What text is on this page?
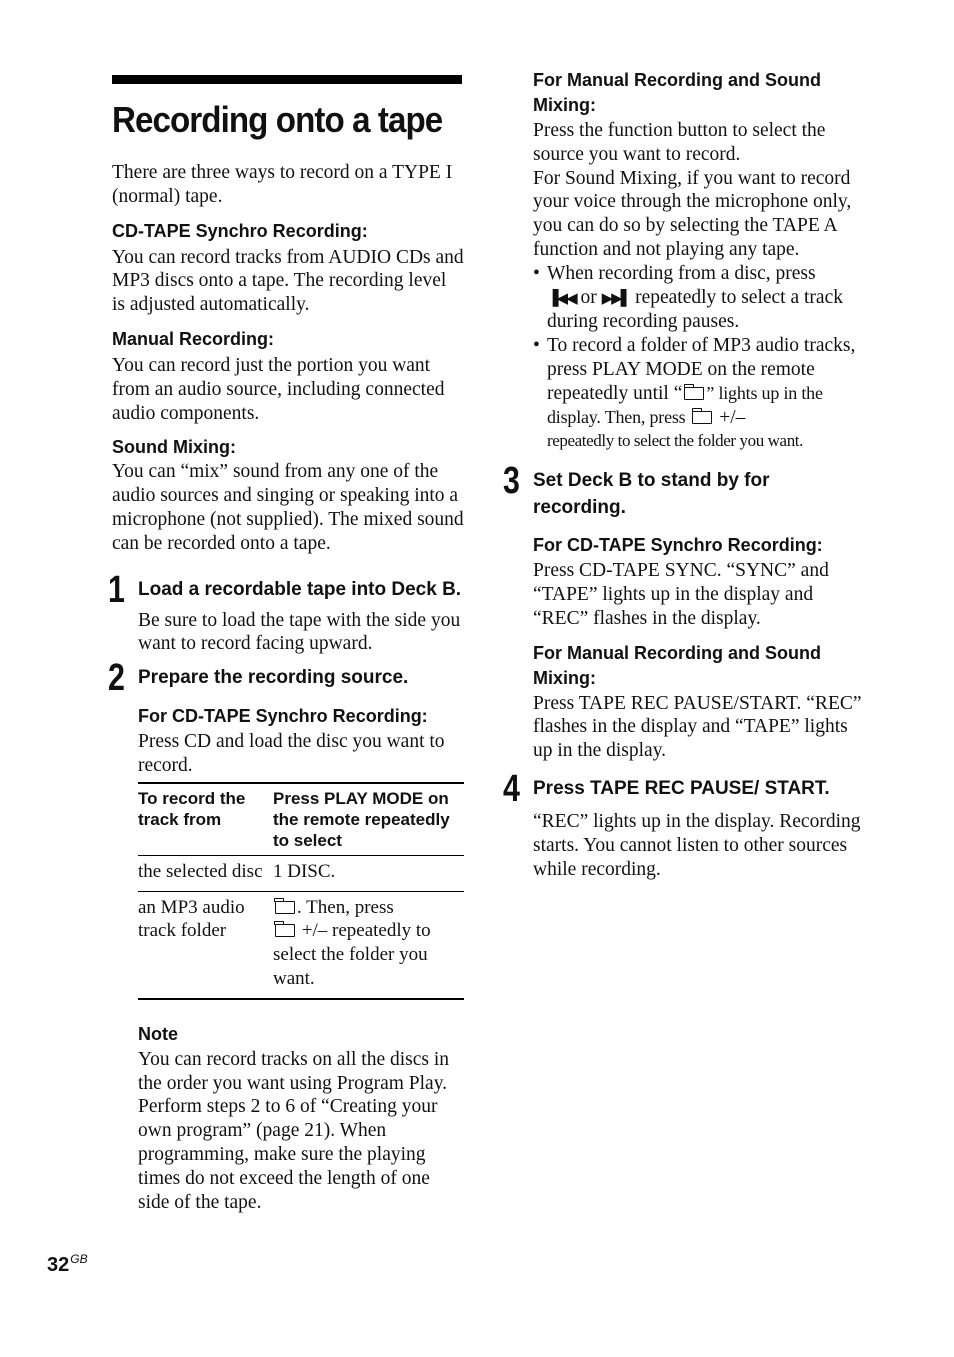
Recording onto a tape

There are three ways to record on a TYPE I (normal) tape.

CD-TAPE Synchro Recording:

You can record tracks from AUDIO CDs and MP3 discs onto a tape. The recording level is adjusted automatically.

Manual Recording:

You can record just the portion you want from an audio source, including connected audio components.

Sound Mixing:

You can “mix” sound from any one of the audio sources and singing or speaking into a microphone (not supplied). The mixed sound can be recorded onto a tape.

1 Load a recordable tape into Deck B.

Be sure to load the tape with the side you want to record facing upward.

2 Prepare the recording source.

For CD-TAPE Synchro Recording:

Press CD and load the disc you want to record.

To record the track from	Press PLAY MODE on the remote repeatedly to select
the selected disc	1 DISC.
an MP3 audio track folder	. Then, press
+/– repeatedly to select the folder you want.

Note

You can record tracks on all the discs in the order you want using Program Play. Perform steps 2 to 6 of “Creating your own program” (page 21). When programming, make sure the playing times do not exceed the length of one side of the tape.

For Manual Recording and Sound Mixing:

Press the function button to select the source you want to record.

For Sound Mixing, if you want to record your voice through the microphone only, you can do so by selecting the TAPE A function and not playing any tape.

• When recording from a disc, press
▐◀◀ or ▶▶▌ repeatedly to select a track during recording pauses.
• To record a folder of MP3 audio tracks, press PLAY MODE on the remote repeatedly until “ ” lights up in the display. Then, press  +/–
repeatedly to select the folder you want.
3 Set Deck B to stand by for recording.

For CD-TAPE Synchro Recording:

Press CD-TAPE SYNC. “SYNC” and “TAPE” lights up in the display and “REC” flashes in the display.

For Manual Recording and Sound Mixing:

Press TAPE REC PAUSE/START. “REC” flashes in the display and “TAPE” lights up in the display.

4 Press TAPE REC PAUSE/ START.

“REC” lights up in the display. Recording starts. You cannot listen to other sources while recording.

$32^{GB}$
